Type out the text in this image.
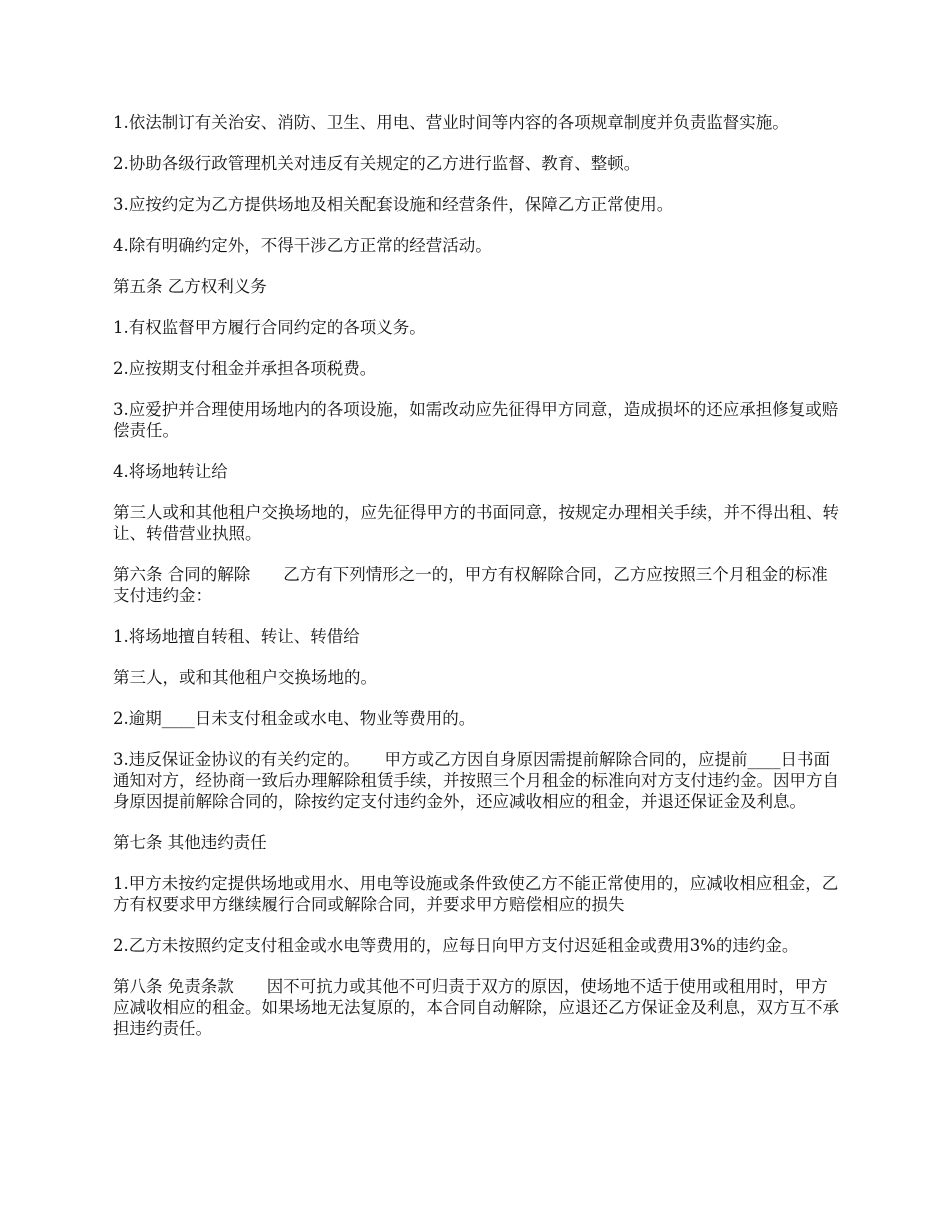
1.依法制订有关治安、消防、卫生、用电、营业时间等内容的各项规章制度并负责监督实施。

2.协助各级行政管理机关对违反有关规定的乙方进行监督、教育、整顿。

3.应按约定为乙方提供场地及相关配套设施和经营条件，保障乙方正常使用。

4.除有明确约定外，不得干涉乙方正常的经营活动。

第五条 乙方权利义务

1.有权监督甲方履行合同约定的各项义务。

2.应按期支付租金并承担各项税费。

3.应爱护并合理使用场地内的各项设施，如需改动应先征得甲方同意，造成损坏的还应承担修复或赔偿责任。

4.将场地转让给

第三人或和其他租户交换场地的，应先征得甲方的书面同意，按规定办理相关手续，并不得出租、转让、转借营业执照。

第六条 合同的解除　　乙方有下列情形之一的，甲方有权解除合同，乙方应按照三个月租金的标准支付违约金：

1.将场地擅自转租、转让、转借给

第三人，或和其他租户交换场地的。

2.逾期____日未支付租金或水电、物业等费用的。

3.违反保证金协议的有关约定的。　　甲方或乙方因自身原因需提前解除合同的，应提前____日书面通知对方，经协商一致后办理解除租赁手续，并按照三个月租金的标准向对方支付违约金。因甲方自身原因提前解除合同的，除按约定支付违约金外，还应减收相应的租金，并退还保证金及利息。

第七条 其他违约责任

1.甲方未按约定提供场地或用水、用电等设施或条件致使乙方不能正常使用的，应减收相应租金，乙方有权要求甲方继续履行合同或解除合同，并要求甲方赔偿相应的损失

2.乙方未按照约定支付租金或水电等费用的，应每日向甲方支付迟延租金或费用3%的违约金。

第八条 免责条款　　因不可抗力或其他不可归责于双方的原因，使场地不适于使用或租用时，甲方应减收相应的租金。如果场地无法复原的，本合同自动解除，应退还乙方保证金及利息，双方互不承担违约责任。
